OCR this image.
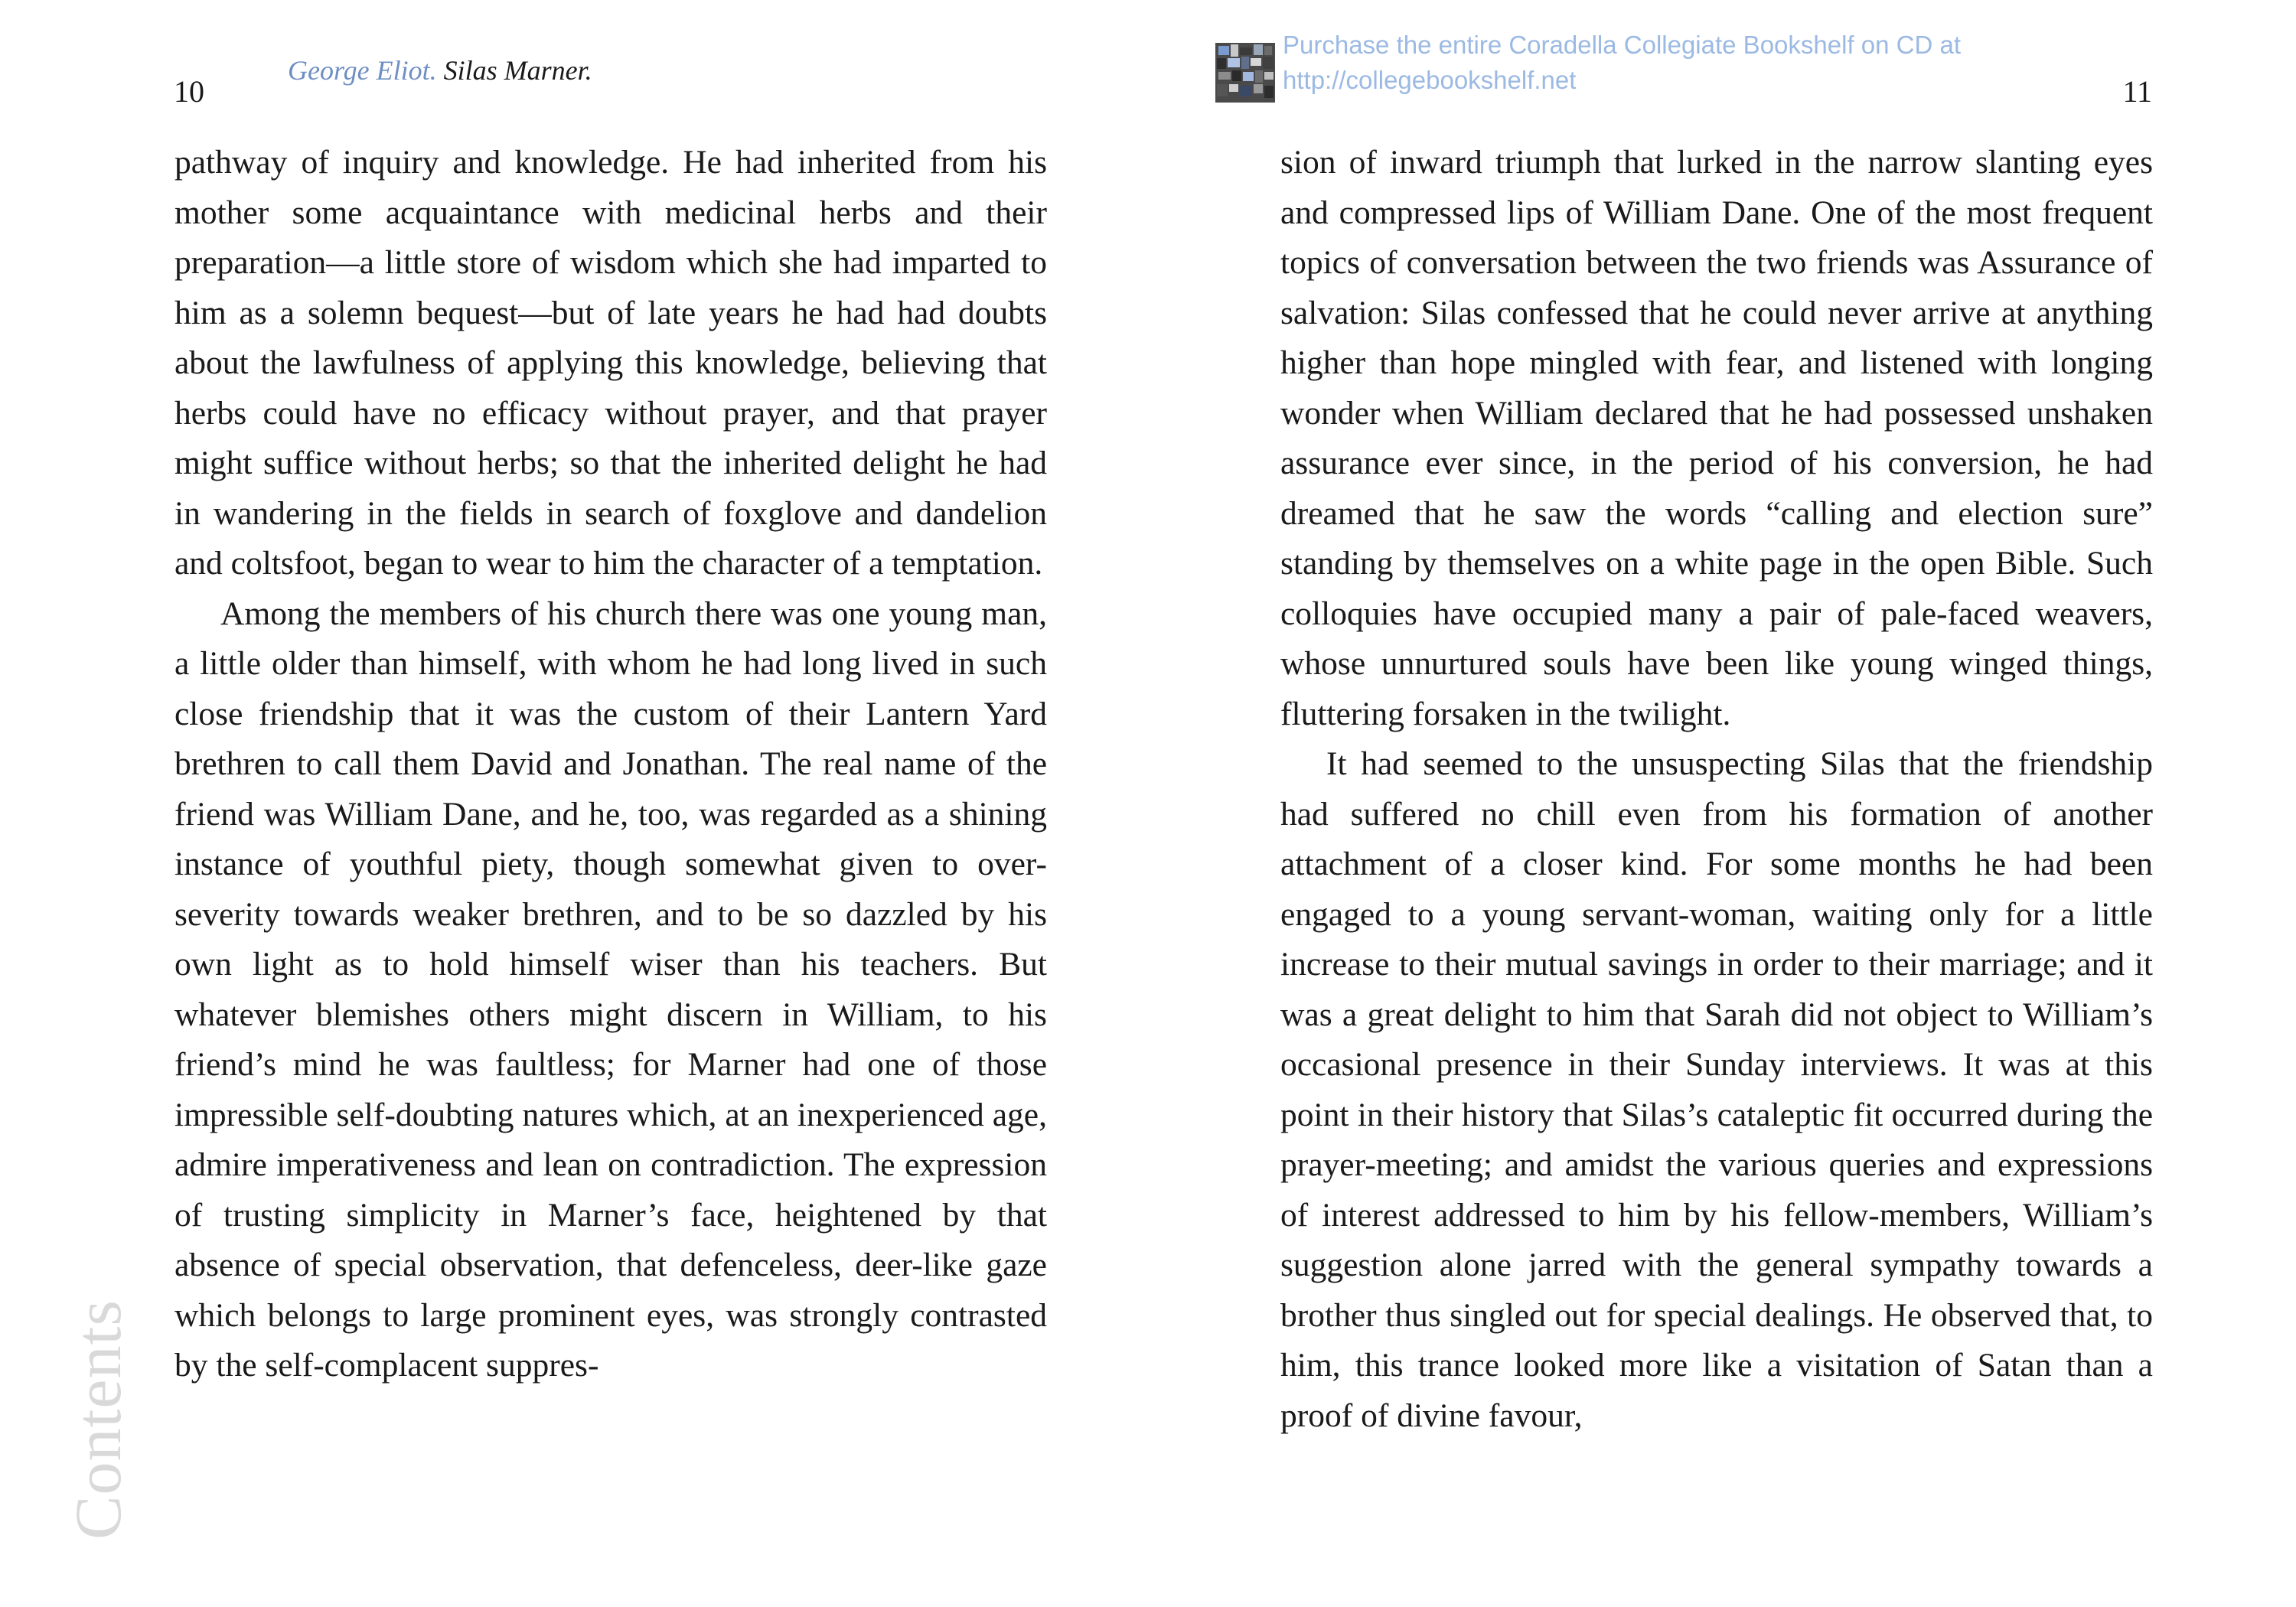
10
George Eliot. Silas Marner.

pathway of inquiry and knowledge. He had inherited from his mother some acquaintance with medicinal herbs and their preparation—a little store of wisdom which she had imparted to him as a solemn bequest—but of late years he had had doubts about the lawfulness of applying this knowledge, believing that herbs could have no efficacy without prayer, and that prayer might suffice without herbs; so that the inherited delight he had in wandering in the fields in search of foxglove and dandelion and coltsfoot, began to wear to him the character of a temptation.

Among the members of his church there was one young man, a little older than himself, with whom he had long lived in such close friendship that it was the custom of their Lantern Yard brethren to call them David and Jonathan. The real name of the friend was William Dane, and he, too, was regarded as a shining instance of youthful piety, though somewhat given to over-severity towards weaker brethren, and to be so dazzled by his own light as to hold himself wiser than his teachers. But whatever blemishes others might discern in William, to his friend’s mind he was faultless; for Marner had one of those impressible self-doubting natures which, at an inexperienced age, admire imperativeness and lean on contradiction. The expression of trusting simplicity in Marner’s face, heightened by that absence of special observation, that defenceless, deer-like gaze which belongs to large prominent eyes, was strongly contrasted by the self-complacent suppres-

Contents
Purchase the entire Coradella Collegiate Bookshelf on CD at
http://collegebookshelf.net	11

sion of inward triumph that lurked in the narrow slanting eyes and compressed lips of William Dane. One of the most frequent topics of conversation between the two friends was Assurance of salvation: Silas confessed that he could never arrive at anything higher than hope mingled with fear, and listened with longing wonder when William declared that he had possessed unshaken assurance ever since, in the period of his conversion, he had dreamed that he saw the words “calling and election sure” standing by themselves on a white page in the open Bible. Such colloquies have occupied many a pair of pale-faced weavers, whose unnurtured souls have been like young winged things, fluttering forsaken in the twilight.

It had seemed to the unsuspecting Silas that the friendship had suffered no chill even from his formation of another attachment of a closer kind. For some months he had been engaged to a young servant-woman, waiting only for a little increase to their mutual savings in order to their marriage; and it was a great delight to him that Sarah did not object to William’s occasional presence in their Sunday interviews. It was at this point in their history that Silas’s cataleptic fit occurred during the prayer-meeting; and amidst the various queries and expressions of interest addressed to him by his fellow-members, William’s suggestion alone jarred with the general sympathy towards a brother thus singled out for special dealings. He observed that, to him, this trance looked more like a visitation of Satan than a proof of divine favour,
